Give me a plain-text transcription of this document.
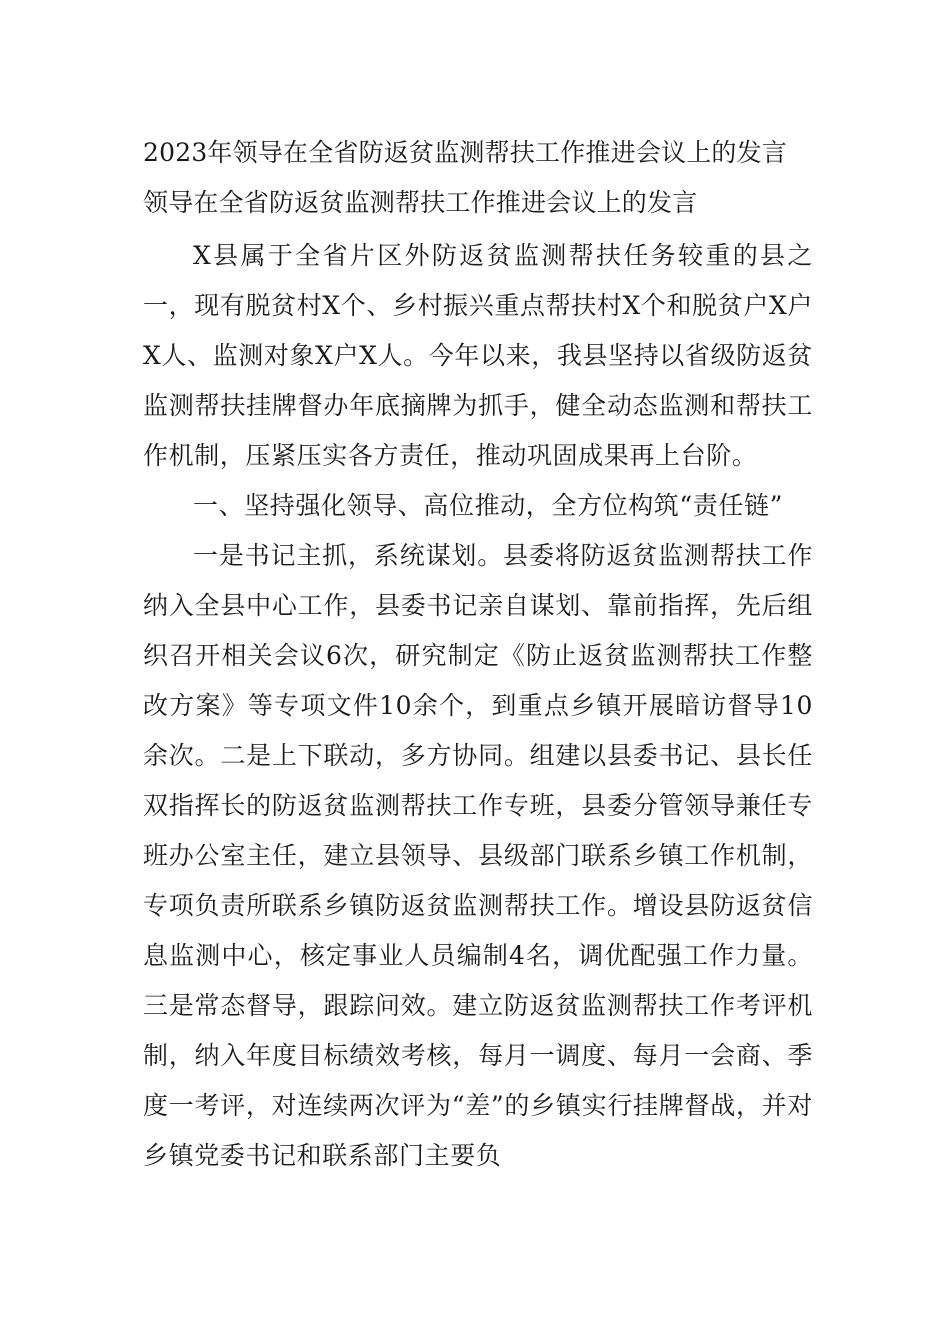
2023年领导在全省防返贫监测帮扶工作推进会议上的发言

领导在全省防返贫监测帮扶工作推进会议上的发言

X县属于全省片区外防返贫监测帮扶任务较重的县之一，现有脱贫村X个、乡村振兴重点帮扶村X个和脱贫户X户X人、监测对象X户X人。今年以来，我县坚持以省级防返贫监测帮扶挂牌督办年底摘牌为抓手，健全动态监测和帮扶工作机制，压紧压实各方责任，推动巩固成果再上台阶。

一、坚持强化领导、高位推动，全方位构筑“责任链”

一是书记主抓，系统谋划。县委将防返贫监测帮扶工作纳入全县中心工作，县委书记亲自谋划、靠前指挥，先后组织召开相关会议6次，研究制定《防止返贫监测帮扶工作整改方案》等专项文件10余个，到重点乡镇开展暗访督导10余次。二是上下联动，多方协同。组建以县委书记、县长任双指挥长的防返贫监测帮扶工作专班，县委分管领导兼任专班办公室主任，建立县领导、县级部门联系乡镇工作机制，专项负责所联系乡镇防返贫监测帮扶工作。增设县防返贫信息监测中心，核定事业人员编制4名，调优配强工作力量。三是常态督导，跟踪问效。建立防返贫监测帮扶工作考评机制，纳入年度目标绩效考核，每月一调度、每月一会商、季度一考评，对连续两次评为“差”的乡镇实行挂牌督战，并对乡镇党委书记和联系部门主要负
